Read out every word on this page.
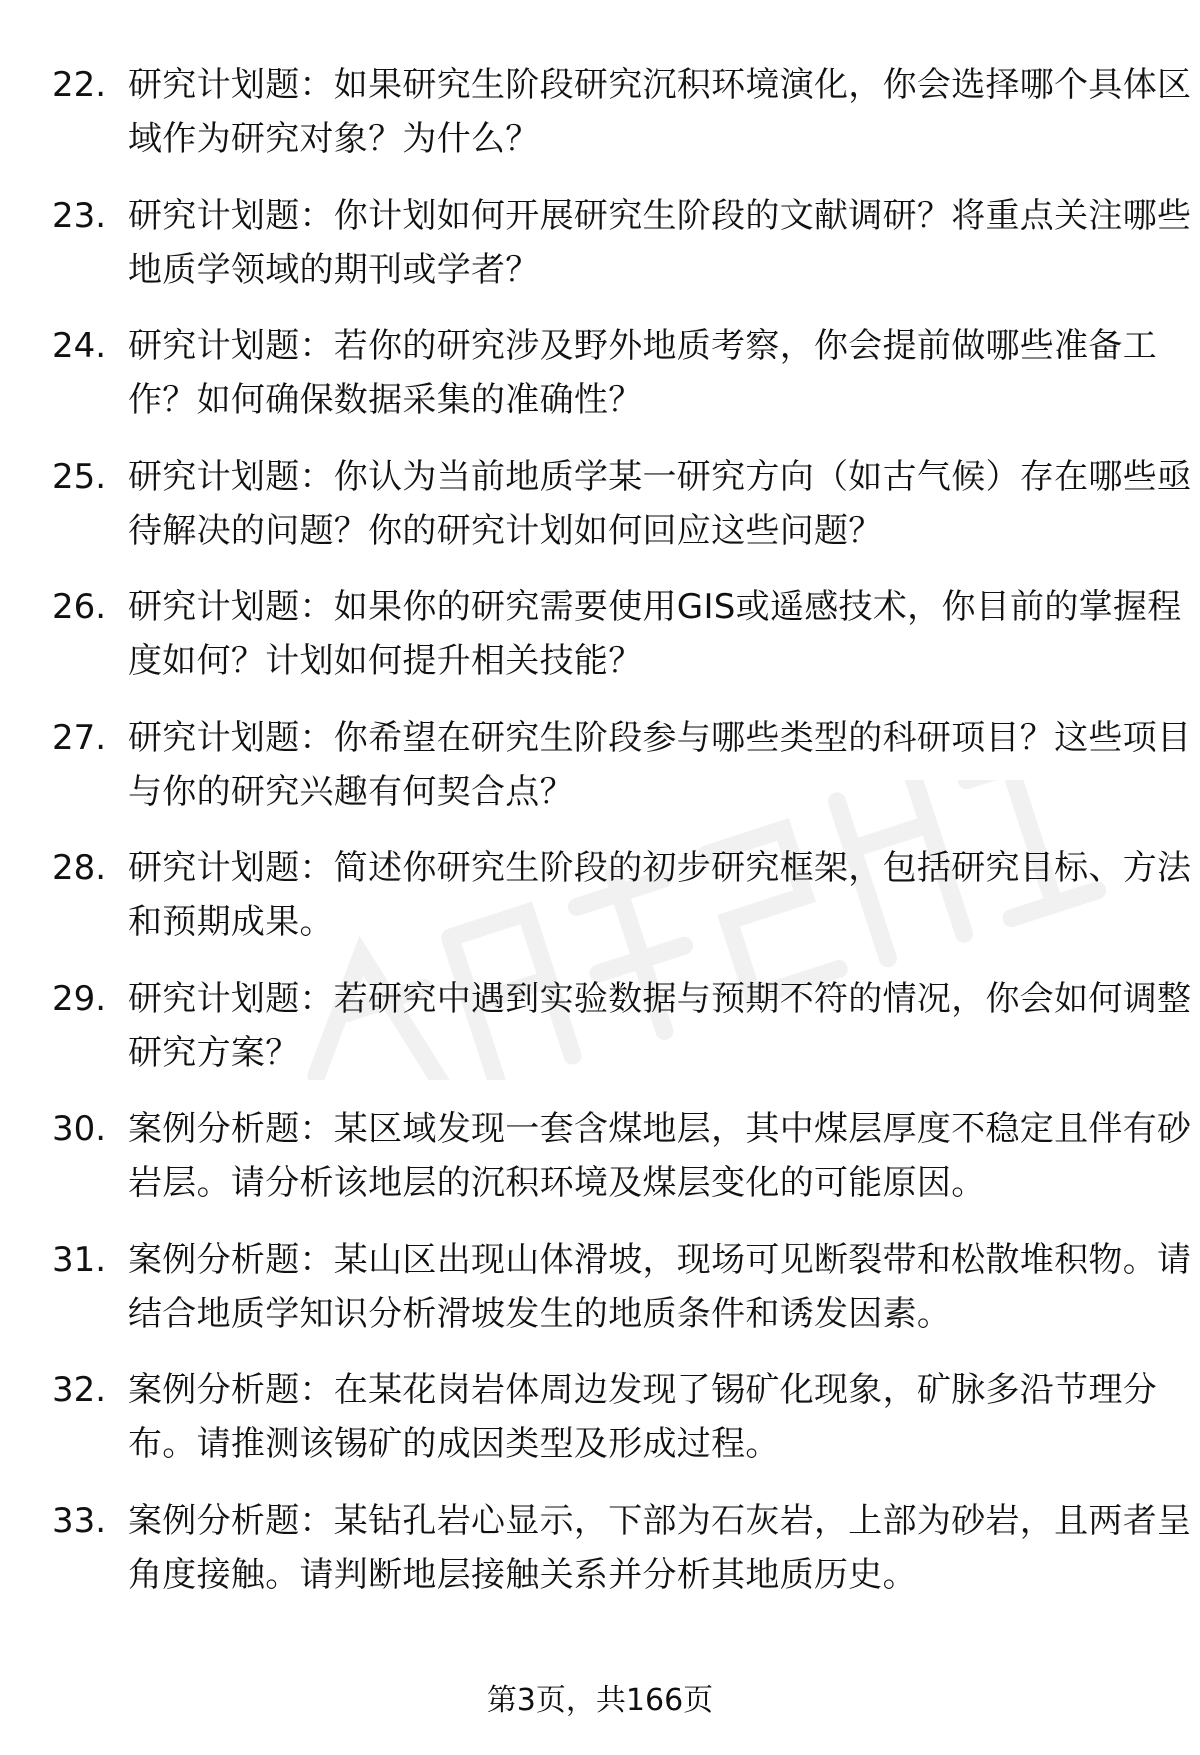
22. 研究计划题：如果研究生阶段研究沉积环境演化，你会选择哪个具体区域作为研究对象？为什么？
23. 研究计划题：你计划如何开展研究生阶段的文献调研？将重点关注哪些地质学领域的期刊或学者？
24. 研究计划题：若你的研究涉及野外地质考察，你会提前做哪些准备工作？如何确保数据采集的准确性？
25. 研究计划题：你认为当前地质学某一研究方向（如古气候）存在哪些亟待解决的问题？你的研究计划如何回应这些问题？
26. 研究计划题：如果你的研究需要使用GIS或遥感技术，你目前的掌握程度如何？计划如何提升相关技能？
27. 研究计划题：你希望在研究生阶段参与哪些类型的科研项目？这些项目与你的研究兴趣有何契合点？
28. 研究计划题：简述你研究生阶段的初步研究框架，包括研究目标、方法和预期成果。
29. 研究计划题：若研究中遇到实验数据与预期不符的情况，你会如何调整研究方案？
30. 案例分析题：某区域发现一套含煤地层，其中煤层厚度不稳定且伴有砂岩层。请分析该地层的沉积环境及煤层变化的可能原因。
31. 案例分析题：某山区出现山体滑坡，现场可见断裂带和松散堆积物。请结合地质学知识分析滑坡发生的地质条件和诱发因素。
32. 案例分析题：在某花岗岩体周边发现了锡矿化现象，矿脉多沿节理分布。请推测该锡矿的成因类型及形成过程。
33. 案例分析题：某钻孔岩心显示，下部为石灰岩，上部为砂岩，且两者呈角度接触。请判断地层接触关系并分析其地质历史。
第3页，共166页
